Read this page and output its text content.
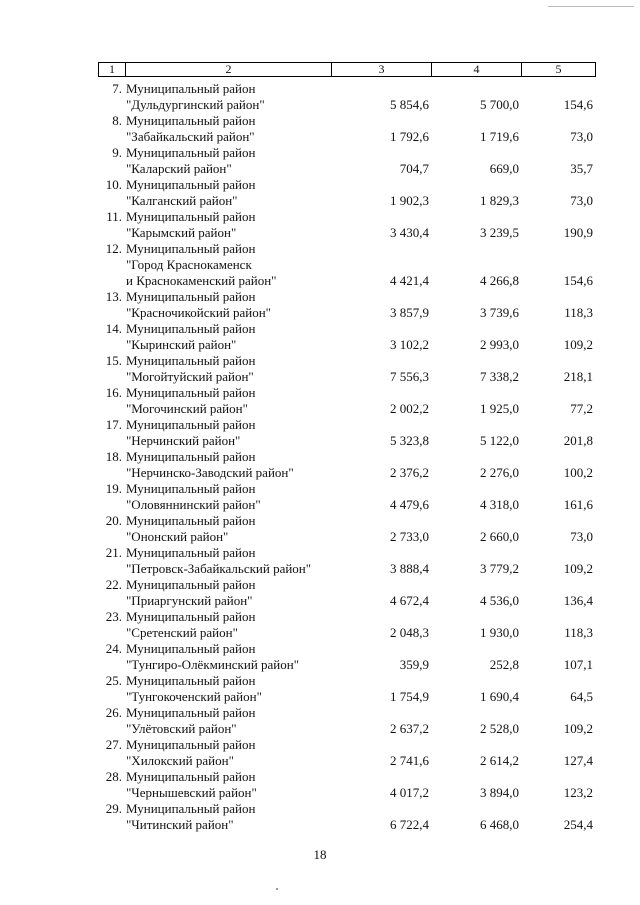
1	2	3	4	5
7. Муниципальный район
"Дульдургинский район"	5 854,6	5 700,0	154,6
8. Муниципальный район
"Забайкальский район"	1 792,6	1 719,6	73,0
9. Муниципальный район
"Каларский район"	704,7	669,0	35,7
10. Муниципальный район
"Калганский район"	1 902,3	1 829,3	73,0
11. Муниципальный район
"Карымский район"	3 430,4	3 239,5	190,9
12. Муниципальный район
"Город Краснокаменск
и Краснокаменский район"	4 421,4	4 266,8	154,6
13. Муниципальный район
"Красночикойский район"	3 857,9	3 739,6	118,3
14. Муниципальный район
"Кыринский район"	3 102,2	2 993,0	109,2
15. Муниципальный район
"Могойтуйский район"	7 556,3	7 338,2	218,1
16. Муниципальный район
"Могочинский район"	2 002,2	1 925,0	77,2
17. Муниципальный район
"Нерчинский район"	5 323,8	5 122,0	201,8
18. Муниципальный район
"Нерчинско-Заводский район"	2 376,2	2 276,0	100,2
19. Муниципальный район
"Оловяннинский район"	4 479,6	4 318,0	161,6
20. Муниципальный район
"Ононский район"	2 733,0	2 660,0	73,0
21. Муниципальный район
"Петровск-Забайкальский район"	3 888,4	3 779,2	109,2
22. Муниципальный район
"Приаргунский район"	4 672,4	4 536,0	136,4
23. Муниципальный район
"Сретенский район"	2 048,3	1 930,0	118,3
24. Муниципальный район
"Тунгиро-Олёкминский район"	359,9	252,8	107,1
25. Муниципальный район
"Тунгокоченский район"	1 754,9	1 690,4	64,5
26. Муниципальный район
"Улётовский район"	2 637,2	2 528,0	109,2
27. Муниципальный район
"Хилокский район"	2 741,6	2 614,2	127,4
28. Муниципальный район
"Чернышевский район"	4 017,2	3 894,0	123,2
29. Муниципальный район
"Читинский район"	6 722,4	6 468,0	254,4
18
